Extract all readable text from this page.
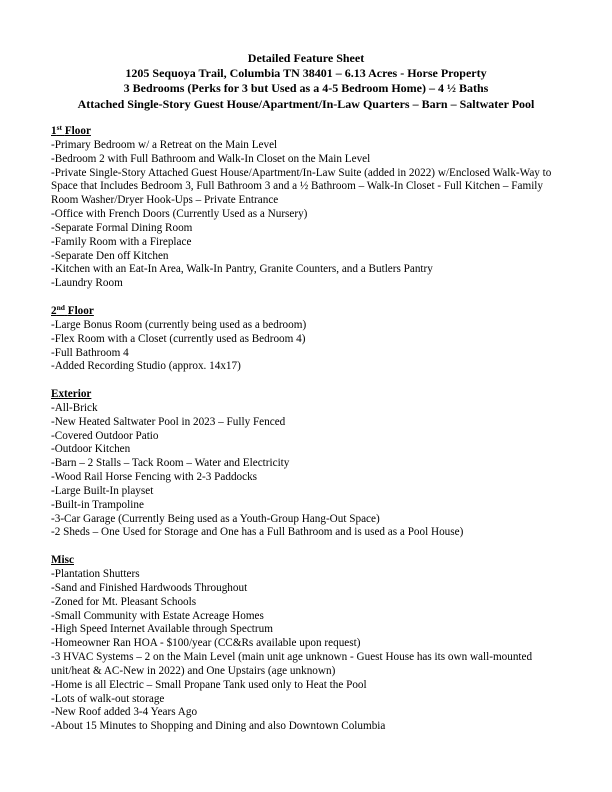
Detailed Feature Sheet
1205 Sequoya Trail, Columbia TN 38401 – 6.13 Acres - Horse Property
3 Bedrooms (Perks for 3 but Used as a 4-5 Bedroom Home) – 4 ½ Baths
Attached Single-Story Guest House/Apartment/In-Law Quarters – Barn – Saltwater Pool
1st Floor
-Primary Bedroom w/ a Retreat on the Main Level
-Bedroom 2 with Full Bathroom and Walk-In Closet on the Main Level
-Private Single-Story Attached Guest House/Apartment/In-Law Suite (added in 2022) w/Enclosed Walk-Way to Space that Includes Bedroom 3, Full Bathroom 3 and a ½ Bathroom – Walk-In Closet - Full Kitchen – Family Room Washer/Dryer Hook-Ups – Private Entrance
-Office with French Doors (Currently Used as a Nursery)
-Separate Formal Dining Room
-Family Room with a Fireplace
-Separate Den off Kitchen
-Kitchen with an Eat-In Area, Walk-In Pantry, Granite Counters, and a Butlers Pantry
-Laundry Room
2nd Floor
-Large Bonus Room (currently being used as a bedroom)
-Flex Room with a Closet (currently used as Bedroom 4)
-Full Bathroom 4
-Added Recording Studio (approx. 14x17)
Exterior
-All-Brick
-New Heated Saltwater Pool in 2023 – Fully Fenced
-Covered Outdoor Patio
-Outdoor Kitchen
-Barn – 2 Stalls – Tack Room – Water and Electricity
-Wood Rail Horse Fencing with 2-3 Paddocks
-Large Built-In playset
-Built-in Trampoline
-3-Car Garage (Currently Being used as a Youth-Group Hang-Out Space)
-2 Sheds – One Used for Storage and One has a Full Bathroom and is used as a Pool House)
Misc
-Plantation Shutters
-Sand and Finished Hardwoods Throughout
-Zoned for Mt. Pleasant Schools
-Small Community with Estate Acreage Homes
-High Speed Internet Available through Spectrum
-Homeowner Ran HOA - $100/year (CC&Rs available upon request)
-3 HVAC Systems – 2 on the Main Level (main unit age unknown - Guest House has its own wall-mounted unit/heat & AC-New in 2022) and One Upstairs (age unknown)
-Home is all Electric – Small Propane Tank used only to Heat the Pool
-Lots of walk-out storage
-New Roof added 3-4 Years Ago
-About 15 Minutes to Shopping and Dining and also Downtown Columbia
